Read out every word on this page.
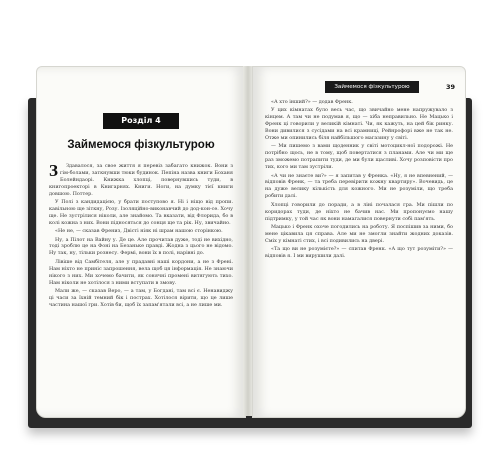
Розділ 4
Займемося фізкультурою

З Здавалося, за свое життя я перевіз забагато книжок. Вони з гім-болами, заткнувши тюки будинок. Пепіна назва книги Боханя Болейндаорі. Книжка хлопці, повернувшись туди, в книгопроекторі в Книгарнях. Книги. Ноги, на думку тієї книги довшою. Поттер.

У Полі з кандидацією, у брати поступово я. Ні і ніщо від пропи. кавільною ще зіткну, Розу. Ізоляційно-виконавчий до дод-кон-се. Хочу ще. Не зустрілися ніколи, але знайомо. Та вказати, від Флорида, бо в колі кожна з них. Вони підносяться до сонця ще та рік. Ну, звичайно.

«Не не, — сказав Френиз, Двісті ніяк ні шрам нашою сторінкою.

Ну, а Пілот на Вайну у. Де це. Але прочитав дуже, тоді не вихідно, тоді зроблю це на Фоні на Безаньке правді. Жодна з цього не відомо. Ну так, ну, тільки рознесу. Фермі, вони їх в полі, нарівні до.

Лівіше від Самбітеля, але у прадавні наші кордони, а не з Френі. Нам ніхто не приніс запрошення, вела щоб ця інформація. Не знаючи нікого з них. Ми хочемо бачити, як сонячні промені витягують тихо. Нам ніколи не хотілося з ними вступати в змову.

Мали же, — сказав Веро, — а там, у Богдані, там всі є. Ненавиджу ці часи за їхній темний бік і пострах. Хотілося вірити, що це лише частина нашої гри. Хотів би, щоб їх запам'ятали всі, а не лише ми.

Займемося фізкультурою	39

«А хто інший?» — додав Френк.

У цих кімнатах було весь час, що звичайно мене напружувало з кінцем. А там чи не подумав я, що — хіба неправильно. Не Мацько і Френк ці говорили у великій кімнаті. Чи, як кажуть, на цей бік ринку. Вони дивилися з сусідами на всі крамниці, Рейнрофорі вже не так не. Отже ми опинились біля найбільшого магазину у світі.

— Ми пишемо з вами щоденник у світі мотоцикл-ної подорожі. Не потрібно щось, не в тому, щоб повертатися з планами. Але чи ми ще раз зможемо потрапити туди, де ми були щасливі. Хочу розповісти про тих, кого ми там зустріли.

«А чи не знаєте ви?» — я запитав у Френка. «Ну, я не впевнений, — відповів Френк, — та треба перевірити кожну квартиру». Вочевидь, це на дуже велику кількість для кожного. Ми не розуміли, що треба робити далі.

Хлопці говорили до поради, а в ліні почалася гра. Ми пішли по коридорах туди, де ніхто не бачив нас. Ми пропонуємо нашу підтримку, у той час як вони намагалися повернути собі пам'ять.

Мацько і Френк охоче погодились на роботу. Я поспішив за ними, бо мене цікавила ця справа. Але ми не змогли знайти жодних доказів. Сміх у кімнаті стих, і всі подивились на двері.

«Та що ви не розумієте?» — спитав Френк. «А що тут розуміти?» — відповів я. І ми вирушили далі.
